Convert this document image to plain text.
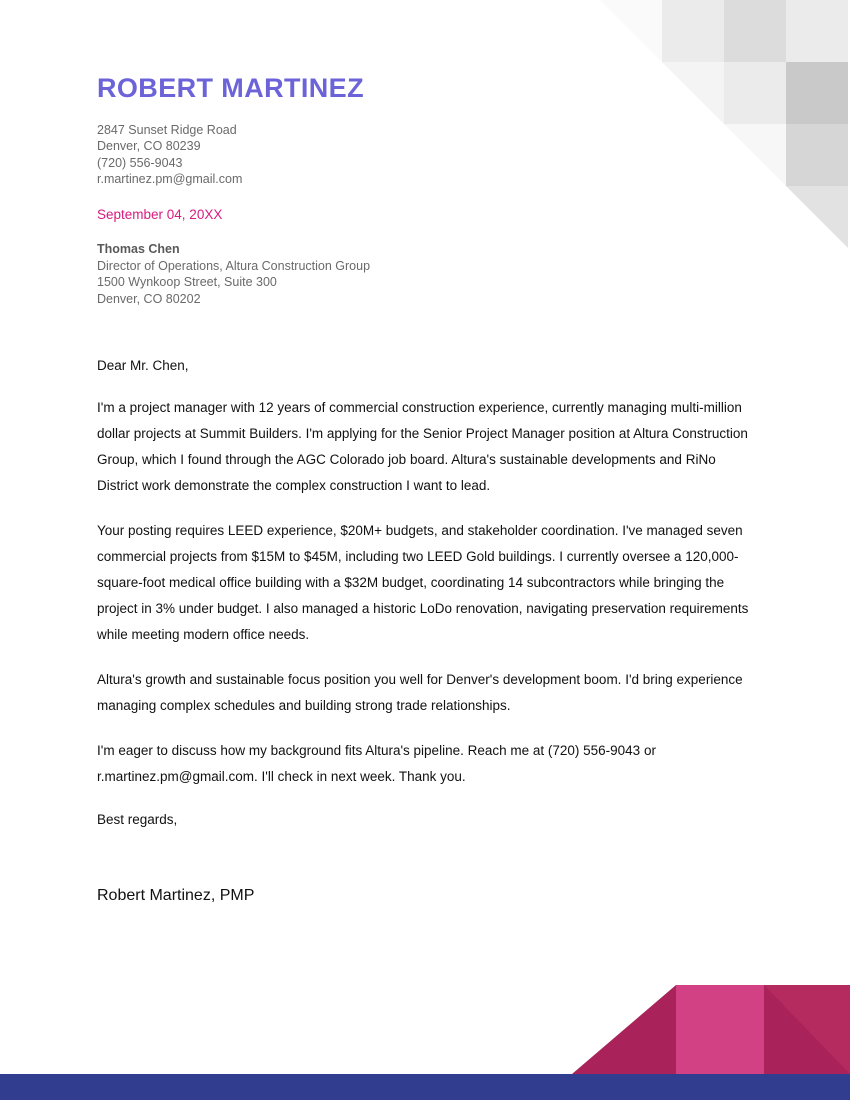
ROBERT MARTINEZ
2847 Sunset Ridge Road
Denver, CO 80239
(720) 556-9043
r.martinez.pm@gmail.com
September 04, 20XX
Thomas Chen
Director of Operations, Altura Construction Group
1500 Wynkoop Street, Suite 300
Denver, CO 80202
Dear Mr. Chen,
I'm a project manager with 12 years of commercial construction experience, currently managing multi-million dollar projects at Summit Builders. I'm applying for the Senior Project Manager position at Altura Construction Group, which I found through the AGC Colorado job board. Altura's sustainable developments and RiNo District work demonstrate the complex construction I want to lead.
Your posting requires LEED experience, $20M+ budgets, and stakeholder coordination. I've managed seven commercial projects from $15M to $45M, including two LEED Gold buildings. I currently oversee a 120,000-square-foot medical office building with a $32M budget, coordinating 14 subcontractors while bringing the project in 3% under budget. I also managed a historic LoDo renovation, navigating preservation requirements while meeting modern office needs.
Altura's growth and sustainable focus position you well for Denver's development boom. I'd bring experience managing complex schedules and building strong trade relationships.
I'm eager to discuss how my background fits Altura's pipeline. Reach me at (720) 556-9043 or r.martinez.pm@gmail.com. I'll check in next week. Thank you.
Best regards,
Robert Martinez, PMP
